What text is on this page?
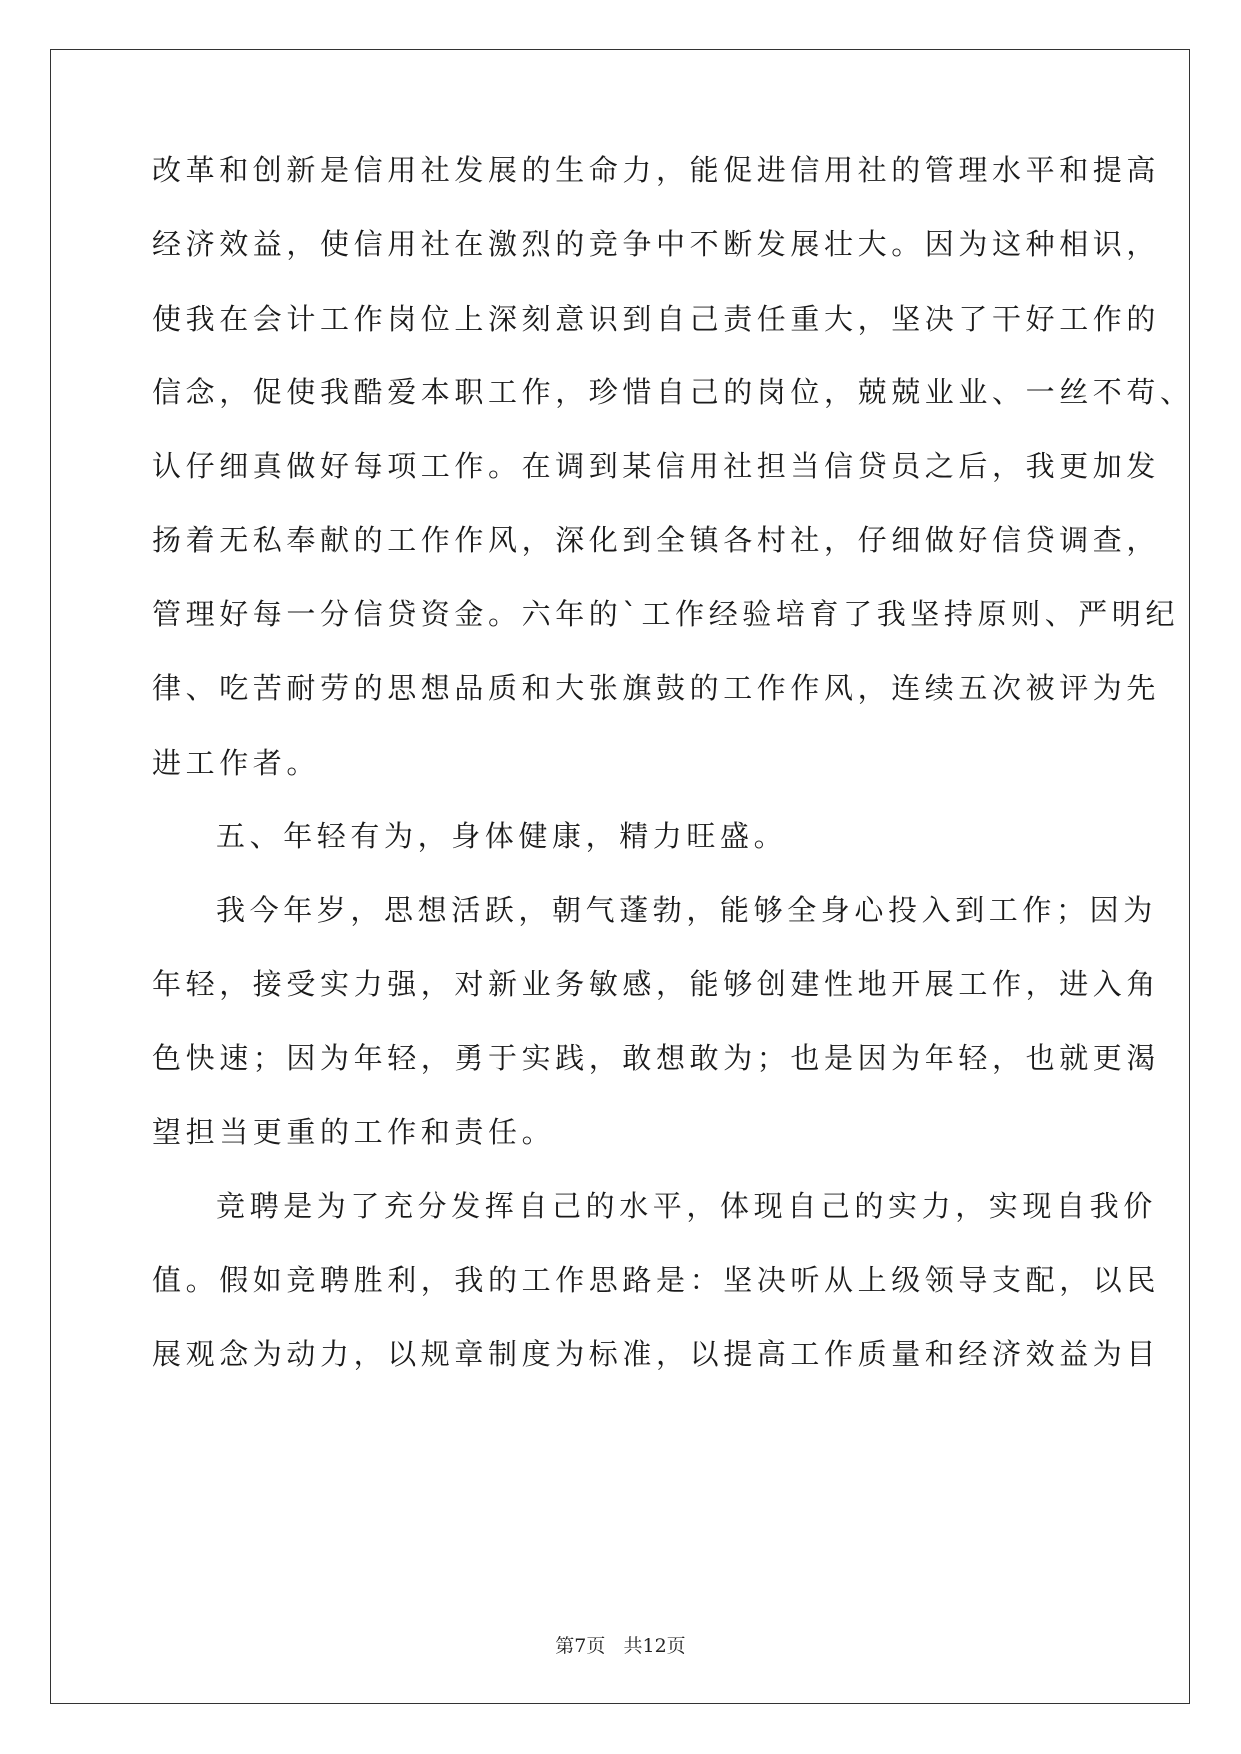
改革和创新是信用社发展的生命力，能促进信用社的管理水平和提高
经济效益，使信用社在激烈的竞争中不断发展壮大。因为这种相识，
使我在会计工作岗位上深刻意识到自己责任重大，坚决了干好工作的
信念，促使我酷爱本职工作，珍惜自己的岗位，兢兢业业、一丝不苟、
认仔细真做好每项工作。在调到某信用社担当信贷员之后，我更加发
扬着无私奉献的工作作风，深化到全镇各村社，仔细做好信贷调查，
管理好每一分信贷资金。六年的`工作经验培育了我坚持原则、严明纪
律、吃苦耐劳的思想品质和大张旗鼓的工作作风，连续五次被评为先
进工作者。
五、年轻有为，身体健康，精力旺盛。
我今年岁，思想活跃，朝气蓬勃，能够全身心投入到工作；因为
年轻，接受实力强，对新业务敏感，能够创建性地开展工作，进入角
色快速；因为年轻，勇于实践，敢想敢为；也是因为年轻，也就更渴
望担当更重的工作和责任。
竞聘是为了充分发挥自己的水平，体现自己的实力，实现自我价
值。假如竞聘胜利，我的工作思路是：坚决听从上级领导支配，以民
展观念为动力，以规章制度为标准，以提高工作质量和经济效益为目
第7页   共12页
